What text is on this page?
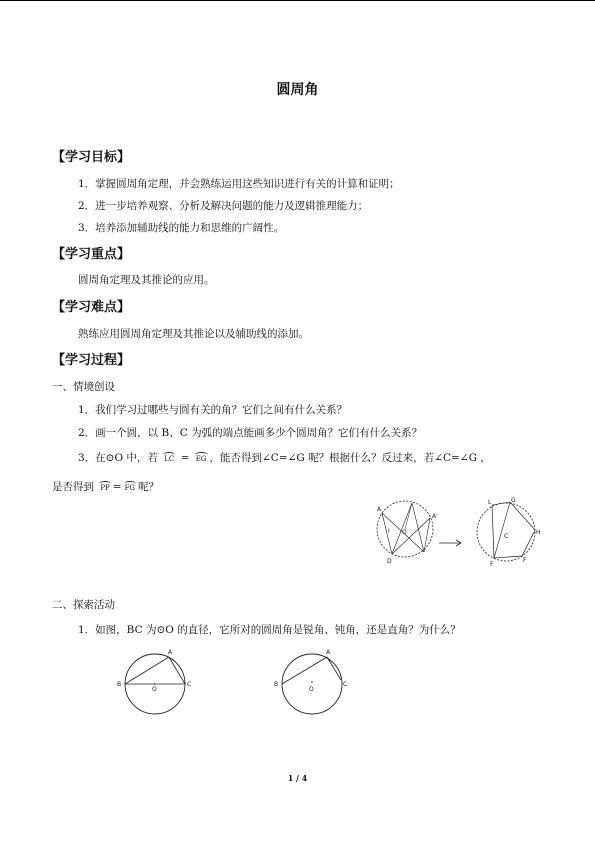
圆周角
【学习目标】
1．掌握圆周角定理，并会熟练运用这些知识进行有关的计算和证明；
2．进一步培养观察、分析及解决问题的能力及逻辑推理能力；
3．培养添加辅助线的能力和思维的广阔性。
【学习重点】
圆周角定理及其推论的应用。
【学习难点】
熟练应用圆周角定理及其推论以及辅助线的添加。
【学习过程】
一、情境创设
1．我们学习过哪些与圆有关的角？它们之间有什么关系？
2．画一个圆，以 B、C 为弧的端点能画多少个圆周角？它们有什么关系？
3．在⊙O 中，若 LC = EG ，能否得到∠C=∠G 呢？根据什么？反过来，若∠C=∠G ，
是否得到 PP = FG 呢？
A
I O
D
A'
L	G
C
H
F
F
二、探索活动
1．如图，BC 为⊙O 的直径，它所对的圆周角是锐角、钝角，还是直角？为什么？
B
A
O
C	B
A
O
C
1 / 4
